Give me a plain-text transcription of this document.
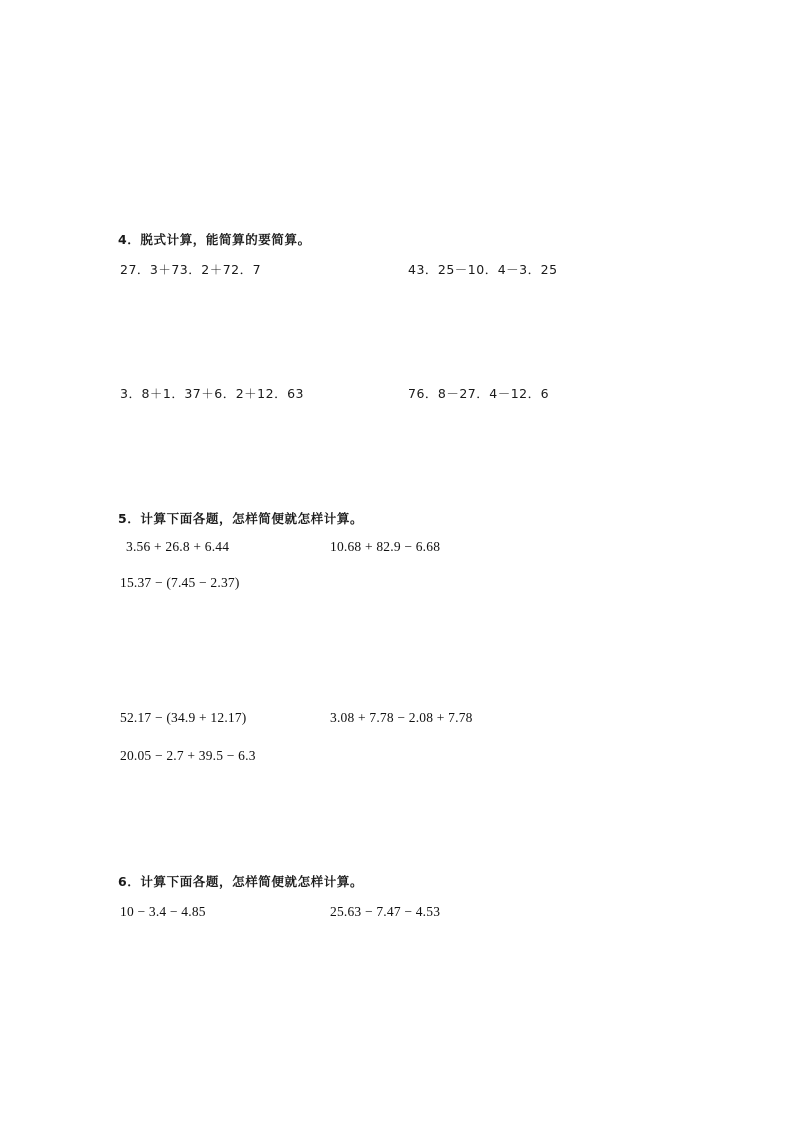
4．脱式计算，能简算的要简算。
27．3＋73．2＋72．7	43．25－10．4－3．25
3．8＋1．37＋6．2＋12．63	76．8－27．4－12．6
5．计算下面各题，怎样简便就怎样计算。
3.56 + 26.8 + 6.44	10.68 + 82.9 − 6.68
15.37 − (7.45 − 2.37)
52.17 − (34.9 + 12.17)	3.08 + 7.78 − 2.08 + 7.78
20.05 − 2.7 + 39.5 − 6.3
6．计算下面各题，怎样简便就怎样计算。
10 − 3.4 − 4.85	25.63 − 7.47 − 4.53
